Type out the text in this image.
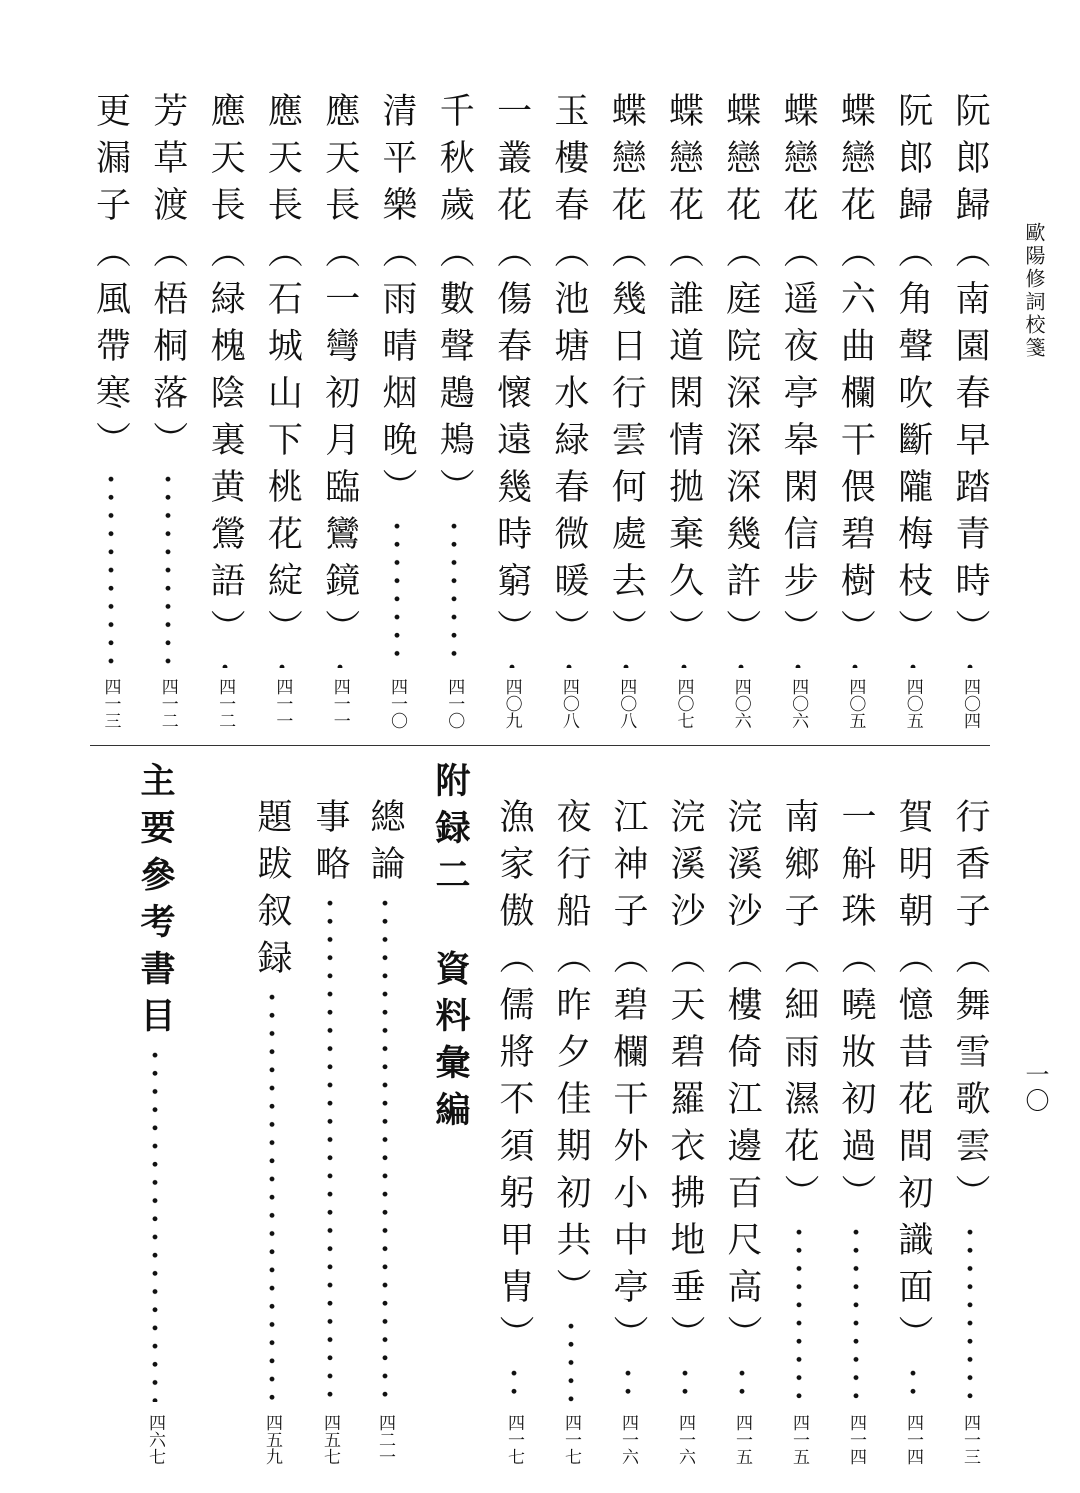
歐陽修詞校箋
一〇
四〇四
阮郎歸（南園春早踏青時）
四〇五
阮郎歸（角聲吹斷隴梅枝）
四〇五
蝶戀花（六曲欄干偎碧樹）
四〇六
蝶戀花（遥夜亭皋閑信步）
四〇六
蝶戀花（庭院深深深幾許）
四〇七
蝶戀花（誰道閑情拋棄久）
四〇八
蝶戀花（幾日行雲何處去）
四〇八
玉樓春（池塘水緑春微暖）
四〇九
一叢花（傷春懷遠幾時窮）
四一〇
千秋歲（數聲鶗鴂）
四一〇
清平樂（雨晴烟晚）
四一一
應天長（一彎初月臨鸞鏡）
四一一
應天長（石城山下桃花綻）
四一二
應天長（緑槐陰裏黄鶯語）
四一二
芳草渡（梧桐落）
四一三
更漏子（風帶寒）
四一三
行香子（舞雪歌雲）
四一四
賀明朝（憶昔花間初識面）
四一四
一斛珠（曉妝初過）
四一五
南鄉子（細雨濕花）
四一五
浣溪沙（樓倚江邊百尺高）
四一六
浣溪沙（天碧羅衣拂地垂）
四一六
江神子（碧欄干外小中亭）
四一七
夜行船（昨夕佳期初共）
四一七
漁家傲（儒將不須躬甲胄）
附録二　資料彙編
四二一
總論
四五七
事略
四五九
題跋叙録
四六七
主要參考書目
